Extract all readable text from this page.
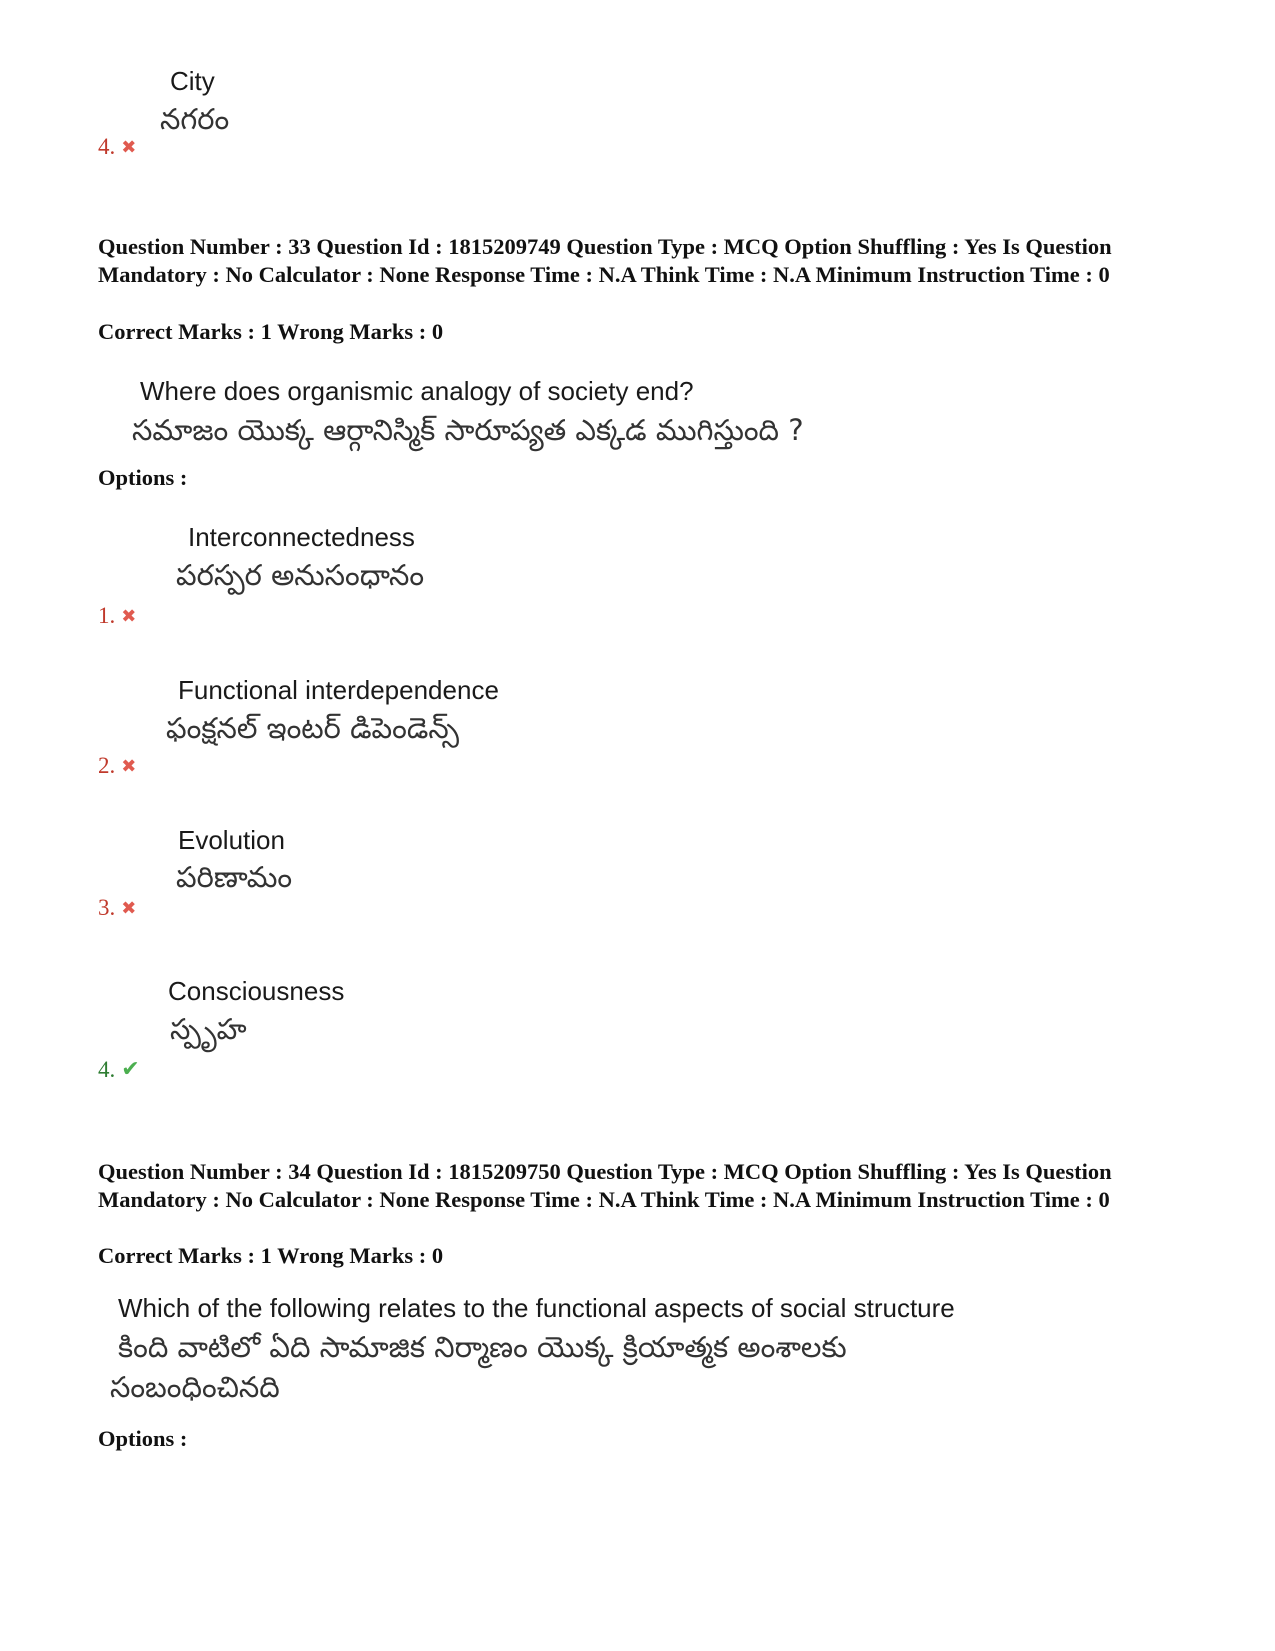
City
నగరం
4. ✖
Question Number : 33 Question Id : 1815209749 Question Type : MCQ Option Shuffling : Yes Is Question Mandatory : No Calculator : None Response Time : N.A Think Time : N.A Minimum Instruction Time : 0
Correct Marks : 1 Wrong Marks : 0
Where does organismic analogy of society end?
సమాజం యొక్క ఆర్గానిస్మిక్ సారూప్యత ఎక్కడ ముగిస్తుంది ?
Options :
Interconnectedness
పరస్పర అనుసంధానం
1. ✖
Functional interdependence
ఫంక్షనల్ ఇంటర్ డిపెండెన్స్
2. ✖
Evolution
పరిణామం
3. ✖
Consciousness
స్పృహ
4. ✔
Question Number : 34 Question Id : 1815209750 Question Type : MCQ Option Shuffling : Yes Is Question Mandatory : No Calculator : None Response Time : N.A Think Time : N.A Minimum Instruction Time : 0
Correct Marks : 1 Wrong Marks : 0
Which of the following relates to the functional aspects of social structure
కింది వాటిలో ఏది సామాజిక నిర్మాణం యొక్క క్రియాత్మక అంశాలకు
సంబంధించినది
Options :
